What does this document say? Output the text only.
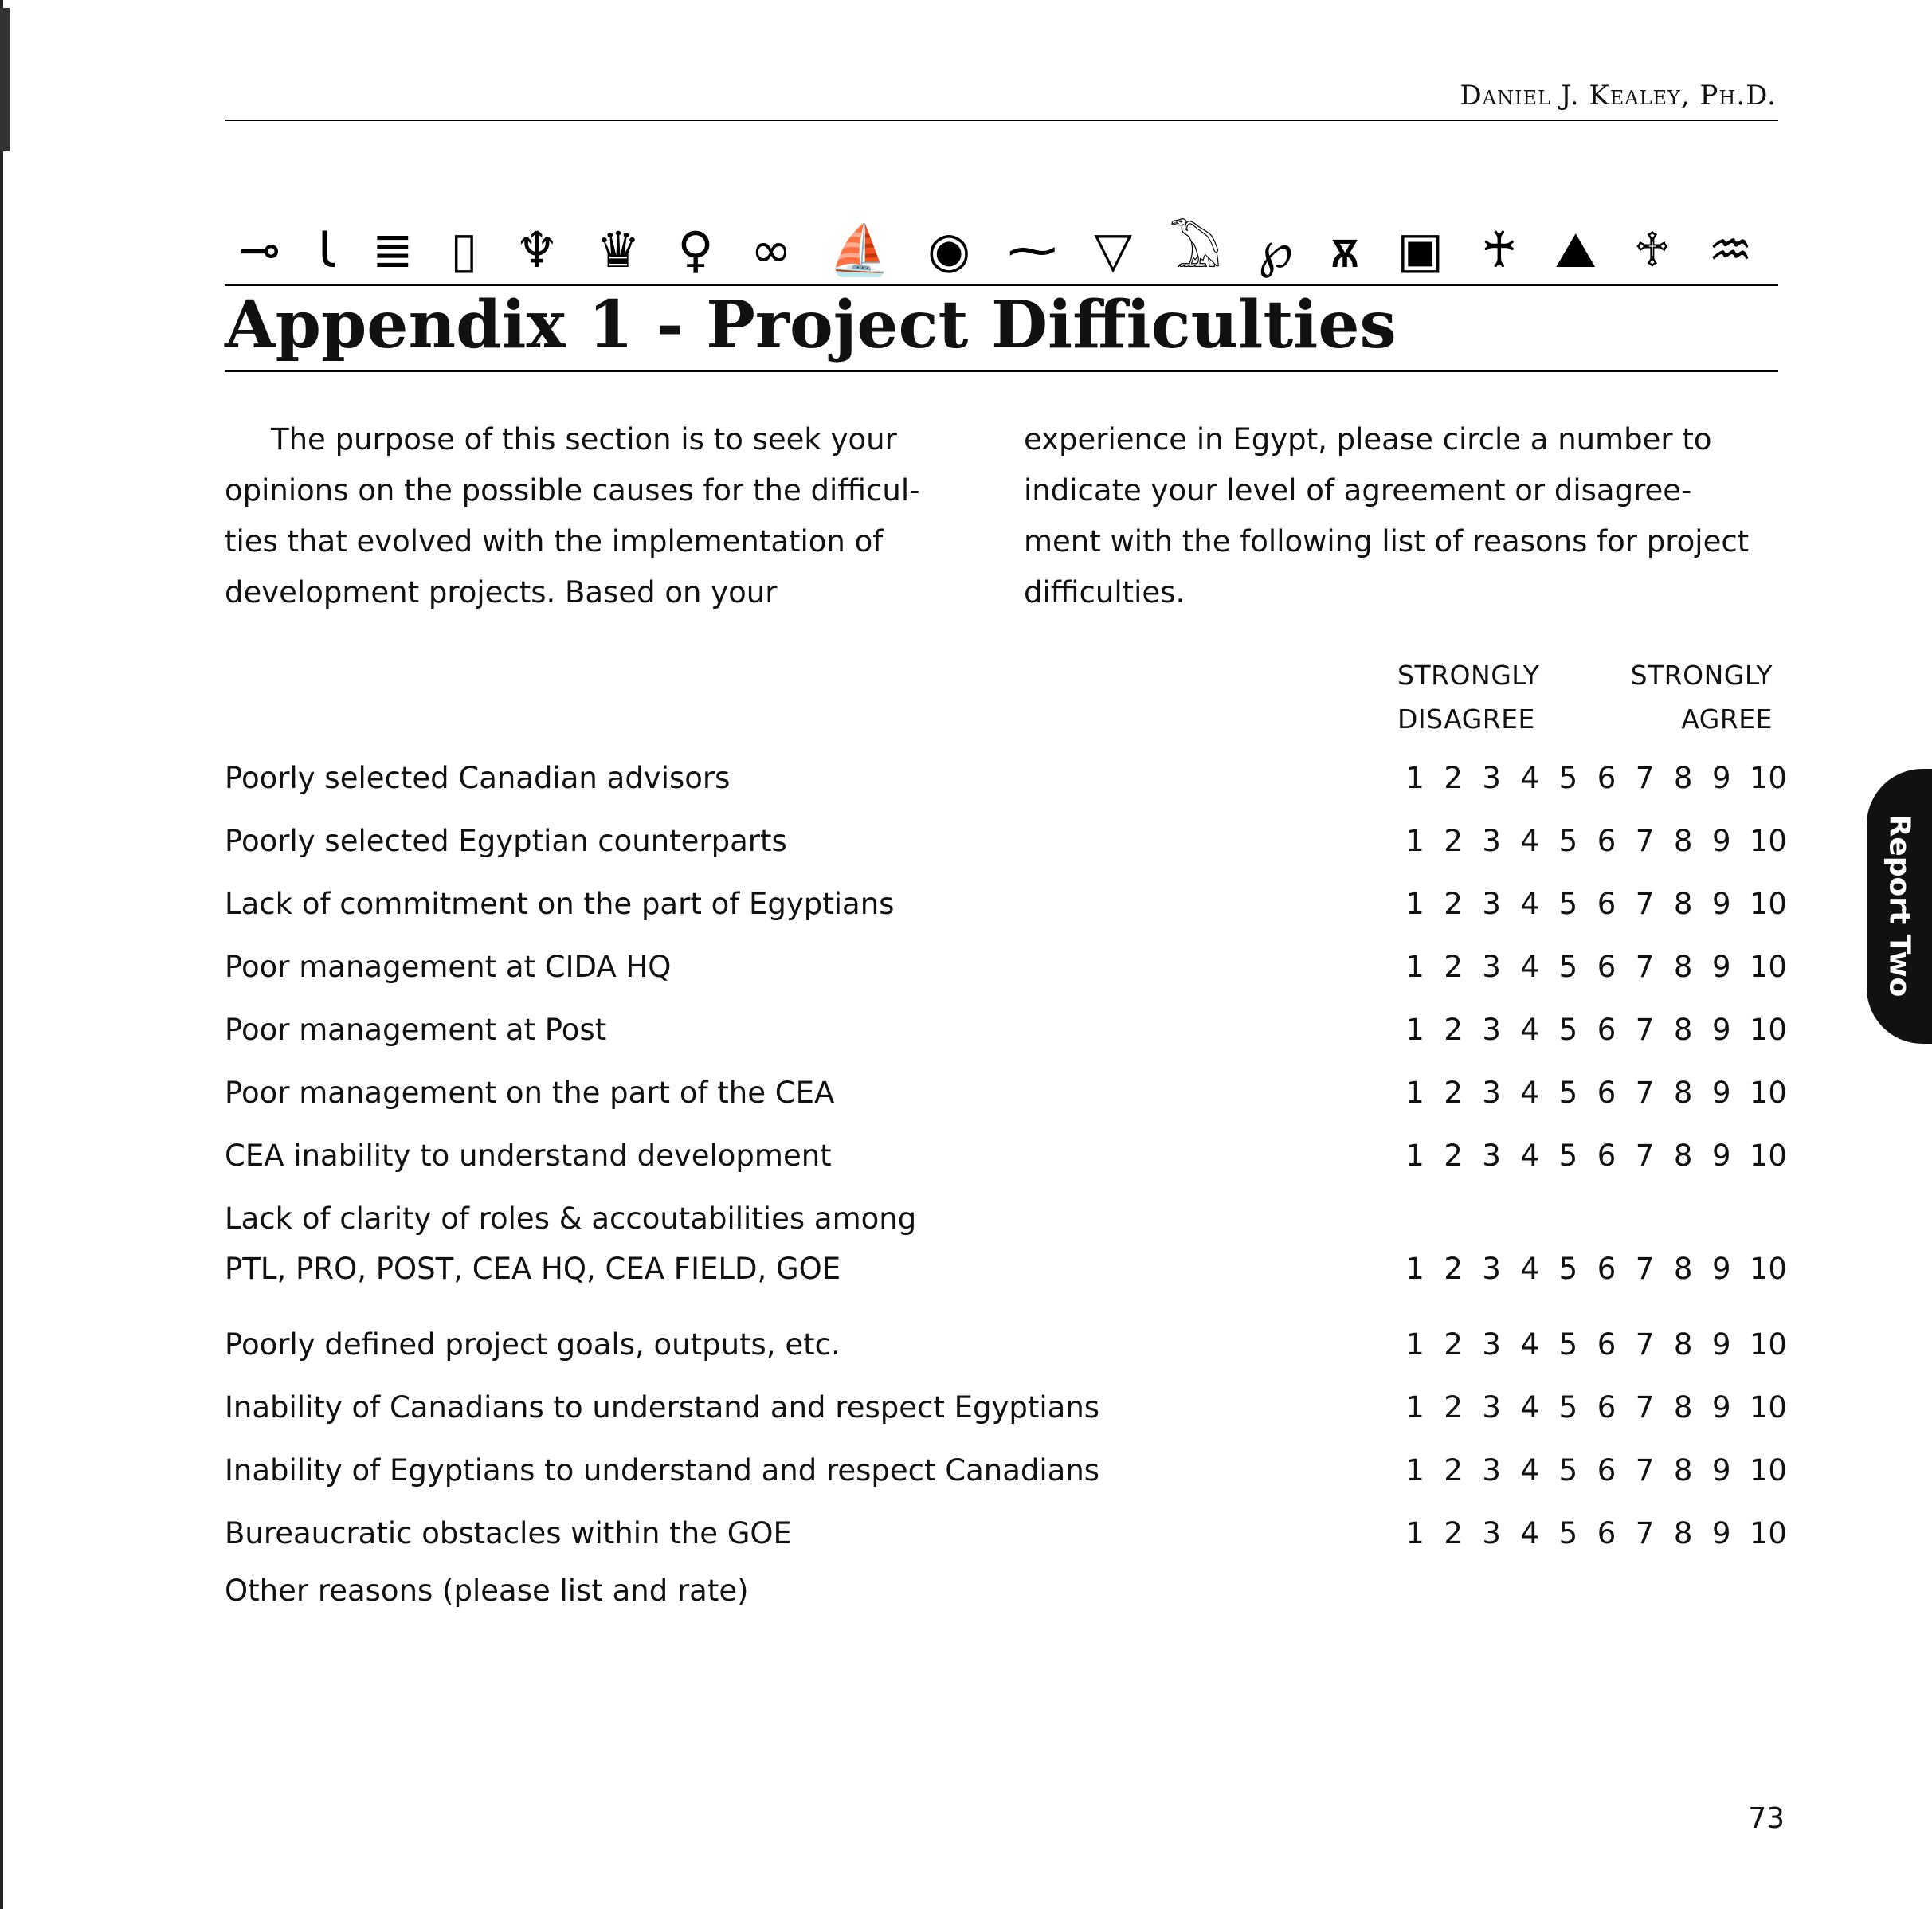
Daniel J. Kealey, Ph.D.
⊸ Ɩ ≣ ▯ ♆ ♛ ♀ ∞ ⛵ ◉ ⁓ ▽ 𓅐 ℘ ѫ ▣ ♰ ⛰ ♱ ♒
Appendix 1 - Project Difficulties

The purpose of this section is to seek your
opinions on the possible causes for the difficul-
ties that evolved with the implementation of
development projects. Based on your

experience in Egypt, please circle a number to
indicate your level of agreement or disagree-
ment with the following list of reasons for project
difficulties.

STRONGLY
DISAGREE
STRONGLY
AGREE
Poorly selected Canadian advisors	1 2 3 4 5 6 7 8 9 10
Poorly selected Egyptian counterparts	1 2 3 4 5 6 7 8 9 10
Lack of commitment on the part of Egyptians	1 2 3 4 5 6 7 8 9 10
Poor management at CIDA HQ	1 2 3 4 5 6 7 8 9 10
Poor management at Post	1 2 3 4 5 6 7 8 9 10
Poor management on the part of the CEA	1 2 3 4 5 6 7 8 9 10
CEA inability to understand development	1 2 3 4 5 6 7 8 9 10
Lack of clarity of roles & accoutabilities among
PTL, PRO, POST, CEA HQ, CEA FIELD, GOE	1 2 3 4 5 6 7 8 9 10
Poorly defined project goals, outputs, etc.	1 2 3 4 5 6 7 8 9 10
Inability of Canadians to understand and respect Egyptians	1 2 3 4 5 6 7 8 9 10
Inability of Egyptians to understand and respect Canadians	1 2 3 4 5 6 7 8 9 10
Bureaucratic obstacles within the GOE	1 2 3 4 5 6 7 8 9 10
Other reasons (please list and rate)
Report Two
73
